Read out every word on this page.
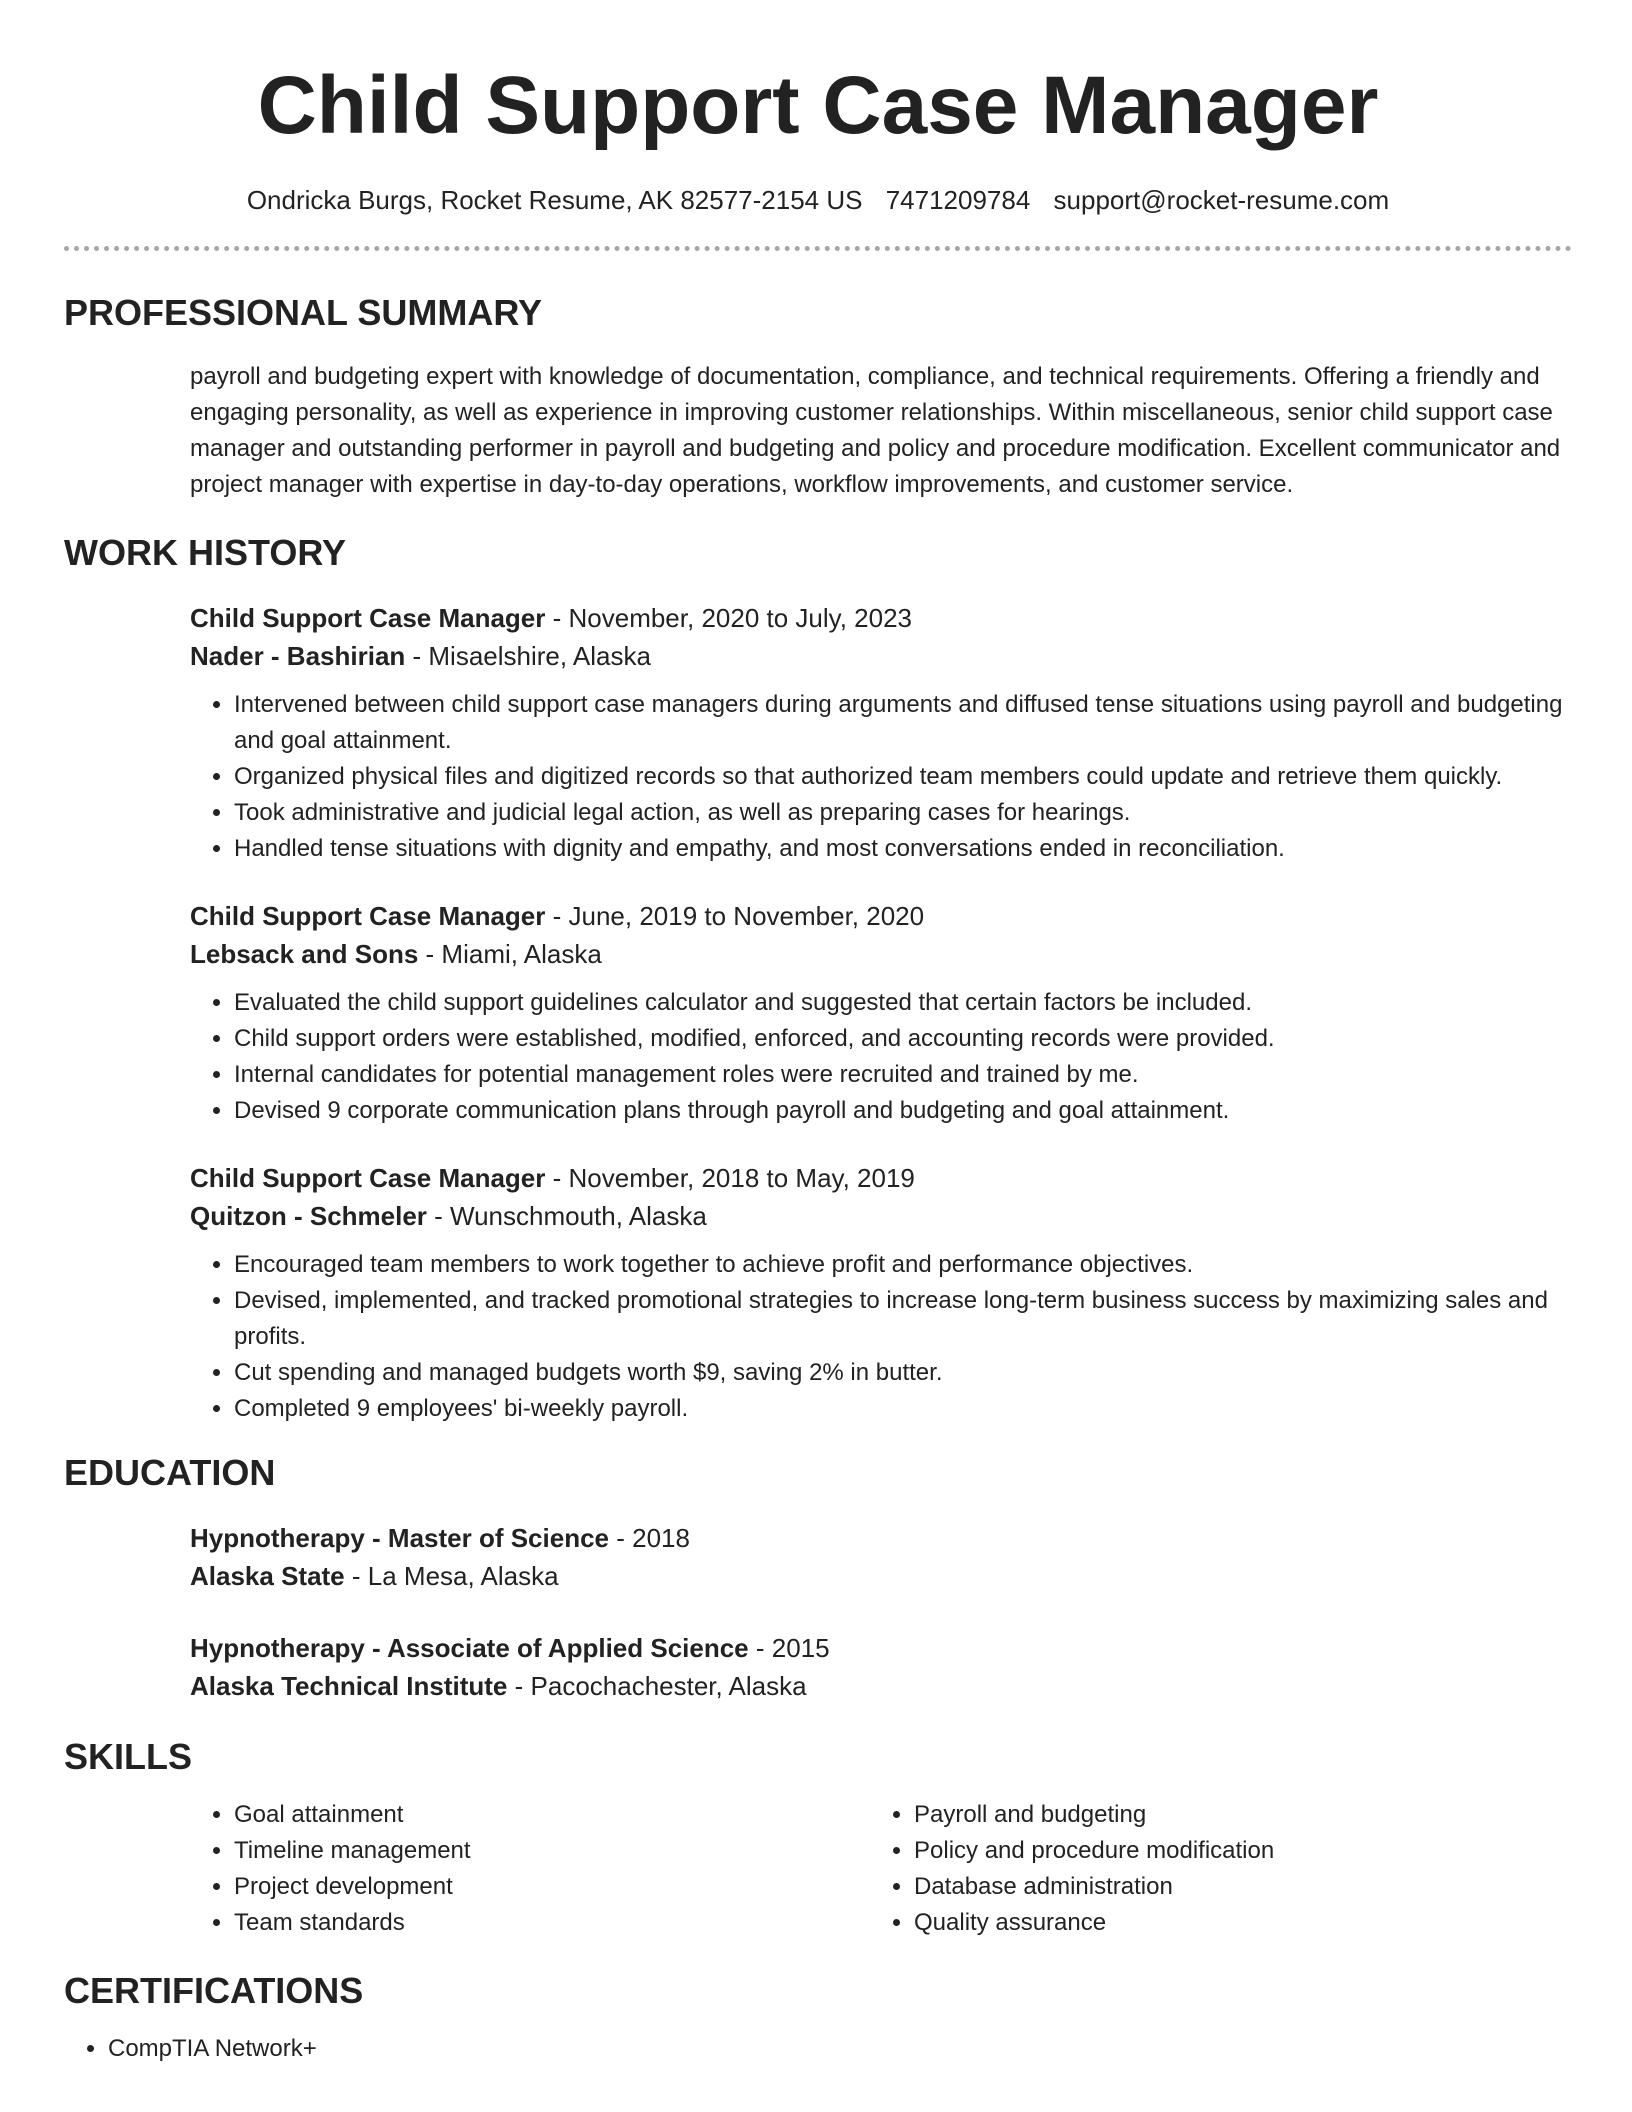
Child Support Case Manager
Ondricka Burgs, Rocket Resume, AK 82577-2154 US 7471209784 support@rocket-resume.com
PROFESSIONAL SUMMARY

payroll and budgeting expert with knowledge of documentation, compliance, and technical requirements. Offering a friendly and engaging personality, as well as experience in improving customer relationships. Within miscellaneous, senior child support case manager and outstanding performer in payroll and budgeting and policy and procedure modification. Excellent communicator and project manager with expertise in day-to-day operations, workflow improvements, and customer service.

WORK HISTORY
Child Support Case Manager - November, 2020 to July, 2023
Nader - Bashirian - Misaelshire, Alaska
• Intervened between child support case managers during arguments and diffused tense situations using payroll and budgeting and goal attainment.
• Organized physical files and digitized records so that authorized team members could update and retrieve them quickly.
• Took administrative and judicial legal action, as well as preparing cases for hearings.
• Handled tense situations with dignity and empathy, and most conversations ended in reconciliation.
Child Support Case Manager - June, 2019 to November, 2020
Lebsack and Sons - Miami, Alaska
• Evaluated the child support guidelines calculator and suggested that certain factors be included.
• Child support orders were established, modified, enforced, and accounting records were provided.
• Internal candidates for potential management roles were recruited and trained by me.
• Devised 9 corporate communication plans through payroll and budgeting and goal attainment.
Child Support Case Manager - November, 2018 to May, 2019
Quitzon - Schmeler - Wunschmouth, Alaska
• Encouraged team members to work together to achieve profit and performance objectives.
• Devised, implemented, and tracked promotional strategies to increase long-term business success by maximizing sales and profits.
• Cut spending and managed budgets worth $9, saving 2% in butter.
• Completed 9 employees' bi-weekly payroll.
EDUCATION
Hypnotherapy - Master of Science - 2018
Alaska State - La Mesa, Alaska
Hypnotherapy - Associate of Applied Science - 2015
Alaska Technical Institute - Pacochachester, Alaska
SKILLS
• Goal attainment
• Timeline management
• Project development
• Team standards
• Payroll and budgeting
• Policy and procedure modification
• Database administration
• Quality assurance
CERTIFICATIONS
• CompTIA Network+
